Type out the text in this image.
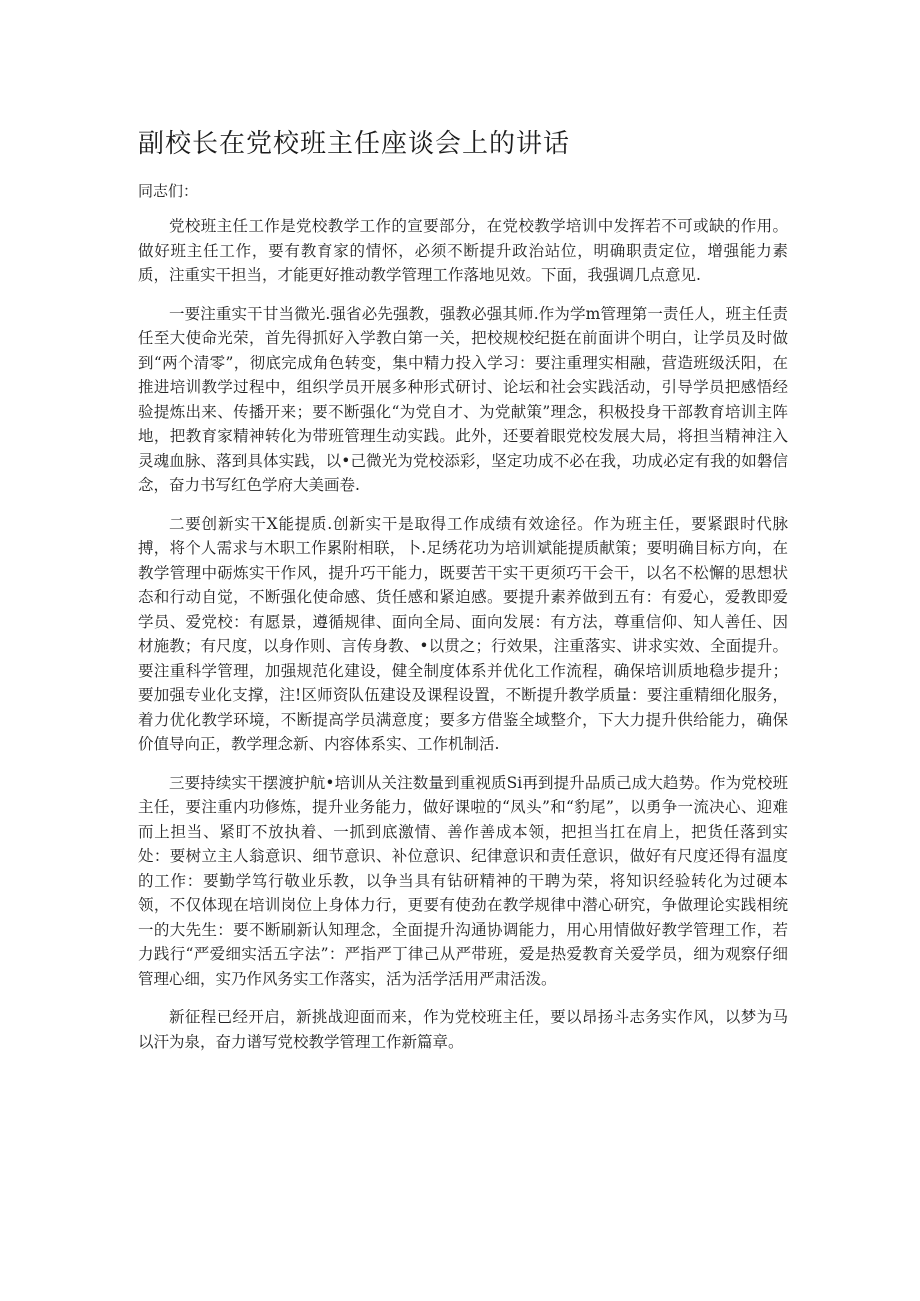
副校长在党校班主任座谈会上的讲话

同志们：

党校班主任工作是党校教学工作的宣要部分，在党校教学培训中发挥若不可或缺的作用。做好班主任工作，要有教育家的情怀，必须不断提升政治站位，明确职责定位，增强能力素质，注重实干担当，才能更好推动教学管理工作落地见效。下面，我强调几点意见.

一要注重实干甘当微光.强省必先强教，强教必强其师.作为学m管理第一责任人，班主任责任至大使命光荣，首先得抓好入学教白第一关，把校规校纪挺在前面讲个明白，让学员及时做到“两个清零”，彻底完成角色转变，集中精力投入学习：要注重理实相融，营造班级沃阳，在推进培训教学过程中，组织学员开展多种形式研讨、论坛和社会实践活动，引导学员把感悟经验提炼出来、传播开来；要不断强化“为党自才、为党献策”理念，积极投身干部教育培训主阵地，把教育家精神转化为带班管理生动实践。此外，还要着眼党校发展大局，将担当精神注入灵魂血脉、落到具体实践，以•己微光为党校添彩，坚定功成不必在我，功成必定有我的如磐信念，奋力书写红色学府大美画卷.

二要创新实干X能提质.创新实干是取得工作成绩有效途径。作为班主任，要紧跟时代脉搏，将个人需求与木职工作累附相联，卜.足绣花功为培训斌能提质献策；要明确目标方向，在教学管理中砺炼实干作风，提升巧干能力，既要苦干实干更须巧干会干，以名不松懈的思想状态和行动自觉，不断强化使命感、货任感和紧迫感。要提升素养做到五有：有爱心，爱教即爱学员、爱党校：有愿景，遵循规律、面向全局、面向发展：有方法，尊重信仰、知人善任、因材施教；有尺度，以身作则、言传身教、•以贯之；行效果，注重落实、讲求实效、全面提升。要注重科学管理，加强规范化建设，健全制度体系并优化工作流程，确保培训质地稳步提升；要加强专业化支撑，注!区师资队伍建设及课程设置，不断提升教学质量：要注重精细化服务，着力优化教学环境，不断提高学员满意度；要多方借鉴全域整介，下大力提升供给能力，确保价值导向正，教学理念新、内容体系实、工作机制活.

三要持续实干摆渡护航•培训从关注数量到重视质Si再到提升品质己成大趋势。作为党校班主任，要注重内功修炼，提升业务能力，做好课啦的“凤头”和“豹尾”，以勇争一流决心、迎难而上担当、紧盯不放执着、一抓到底激情、善作善成本领，把担当扛在肩上，把货任落到实处：要树立主人翁意识、细节意识、补位意识、纪律意识和责任意识，做好有尺度还得有温度的工作：要勤学笃行敬业乐教，以争当具有钻研精神的干聘为荣，将知识经验转化为过硬本领，不仅体现在培训岗位上身体力行，更要有使劲在教学规律中潜心研究，争做理论实践相统一的大先生：要不断刷新认知理念，全面提升沟通协调能力，用心用情做好教学管理工作，若力践行“严爱细实活五字法”：严指严丁律己从严带班，爱是热爱教育关爱学员，细为观察仔细管理心细，实乃作风务实工作落实，活为活学活用严肃活泼。

新征程已经开启，新挑战迎面而来，作为党校班主任，要以昂扬斗志务实作风，以梦为马以汗为泉，奋力谱写党校教学管理工作新篇章。
